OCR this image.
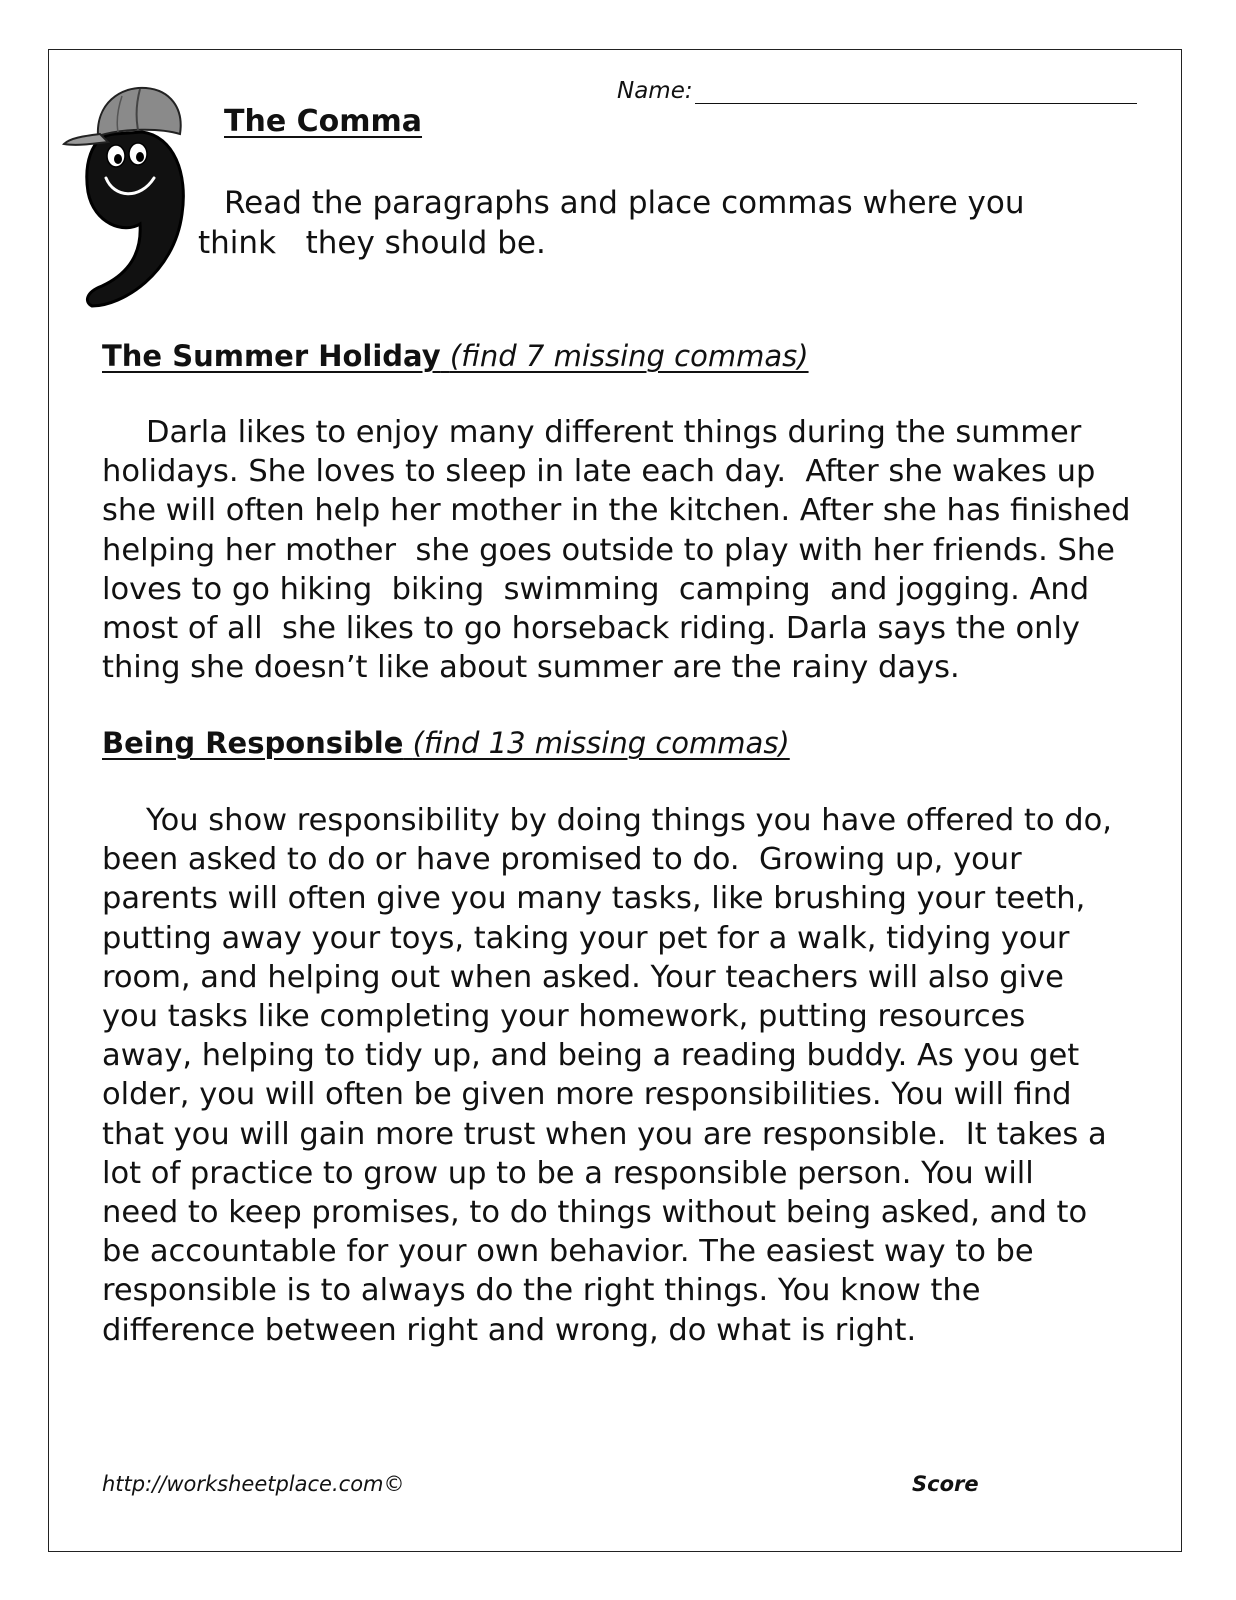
Name:
The Comma
Read the paragraphs and place commas where you
think   they should be.
The Summer Holiday (find 7 missing commas)
Darla likes to enjoy many different things during the summer
holidays. She loves to sleep in late each day.  After she wakes up
she will often help her mother in the kitchen. After she has finished
helping her mother  she goes outside to play with her friends. She
loves to go hiking  biking  swimming  camping  and jogging. And
most of all  she likes to go horseback riding. Darla says the only
thing she doesn’t like about summer are the rainy days.
Being Responsible (find 13 missing commas)
You show responsibility by doing things you have offered to do,
been asked to do or have promised to do.  Growing up, your
parents will often give you many tasks, like brushing your teeth,
putting away your toys, taking your pet for a walk, tidying your
room, and helping out when asked. Your teachers will also give
you tasks like completing your homework, putting resources
away, helping to tidy up, and being a reading buddy. As you get
older, you will often be given more responsibilities. You will find
that you will gain more trust when you are responsible.  It takes a
lot of practice to grow up to be a responsible person. You will
need to keep promises, to do things without being asked, and to
be accountable for your own behavior. The easiest way to be
responsible is to always do the right things. You know the
difference between right and wrong, do what is right.
http://worksheetplace.com©	Score
